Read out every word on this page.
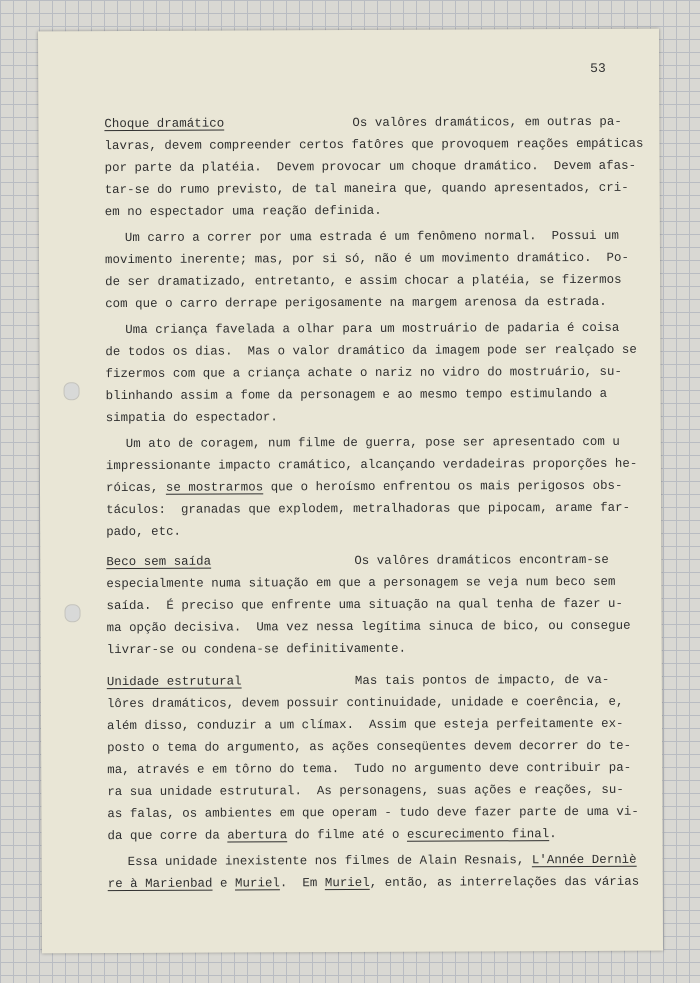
53

Choque dramático	Os valôres dramáticos, em outras pa-

lavras, devem compreender certos fatôres que provoquem reações empáticas

por parte da platéia.  Devem provocar um choque dramático.  Devem afas-

tar-se do rumo previsto, de tal maneira que, quando apresentados, cri-

em no espectador uma reação definida.

Um carro a correr por uma estrada é um fenômeno normal.  Possui um

movimento inerente; mas, por si só, não é um movimento dramático.  Po-

de ser dramatizado, entretanto, e assim chocar a platéia, se fizermos

com que o carro derrape perigosamente na margem arenosa da estrada.

Uma criança favelada a olhar para um mostruário de padaria é coisa

de todos os dias.  Mas o valor dramático da imagem pode ser realçado se

fizermos com que a criança achate o nariz no vidro do mostruário, su-

blinhando assim a fome da personagem e ao mesmo tempo estimulando a

simpatia do espectador.

Um ato de coragem, num filme de guerra, pose ser apresentado com u

impressionante impacto cramático, alcançando verdadeiras proporções he-

róicas, se mostrarmos que o heroísmo enfrentou os mais perigosos obs-

táculos:  granadas que explodem, metralhadoras que pipocam, arame far-

pado, etc.

Beco sem saída	Os valôres dramáticos encontram-se

especialmente numa situação em que a personagem se veja num beco sem

saída.  É preciso que enfrente uma situação na qual tenha de fazer u-

ma opção decisiva.  Uma vez nessa legítima sinuca de bico, ou consegue

livrar-se ou condena-se definitivamente.

Unidade estrutural	Mas tais pontos de impacto, de va-

lôres dramáticos, devem possuir continuidade, unidade e coerência, e,

além disso, conduzir a um clímax.  Assim que esteja perfeitamente ex-

posto o tema do argumento, as ações conseqüentes devem decorrer do te-

ma, através e em tôrno do tema.  Tudo no argumento deve contribuir pa-

ra sua unidade estrutural.  As personagens, suas ações e reações, su-

as falas, os ambientes em que operam - tudo deve fazer parte de uma vi-

da que corre da abertura do filme até o escurecimento final.

Essa unidade inexistente nos filmes de Alain Resnais, L'Année Dernìè

re à Marienbad e Muriel.  Em Muriel, então, as interrelações das várias
